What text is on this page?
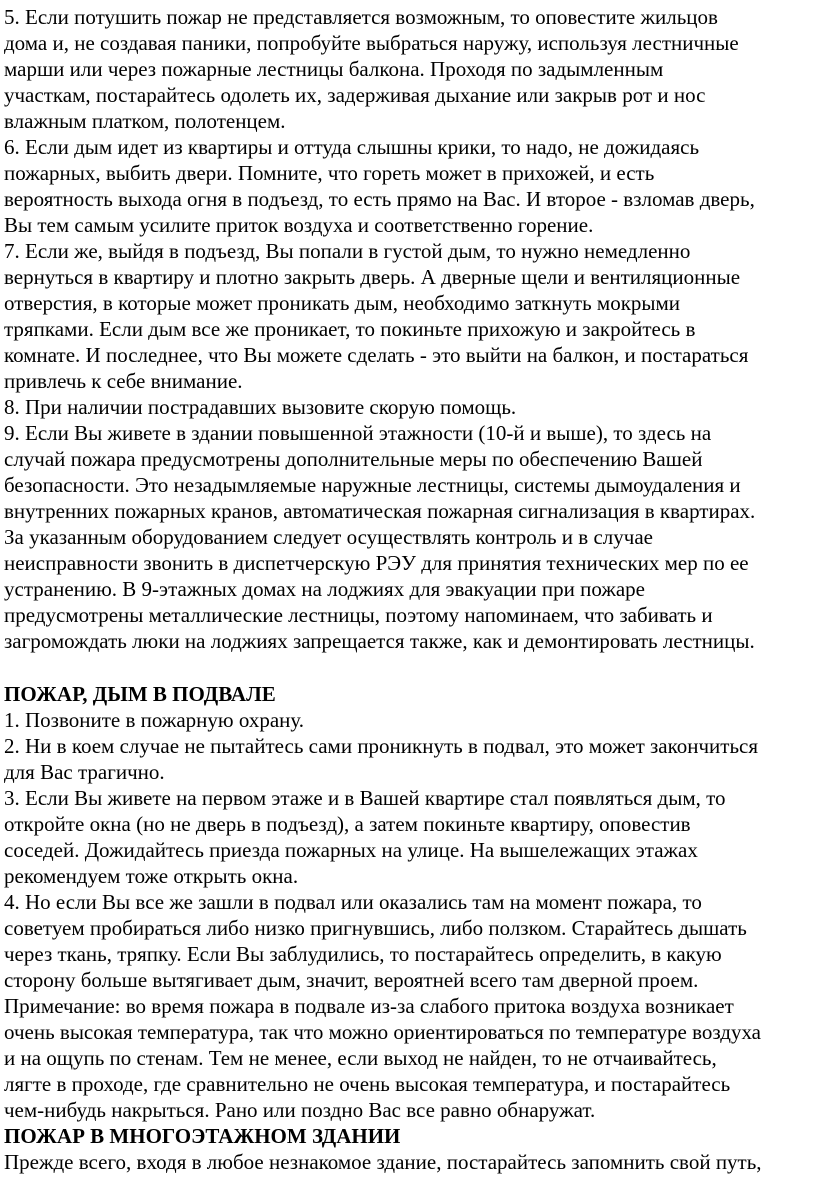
5. Если потушить пожар не представляется возможным, то оповестите жильцов
дома и, не создавая паники, попробуйте выбраться наружу, используя лестничные
марши или через пожарные лестницы балкона. Проходя по задымленным
участкам, постарайтесь одолеть их, задерживая дыхание или закрыв рот и нос
влажным платком, полотенцем.

6. Если дым идет из квартиры и оттуда слышны крики, то надо, не дожидаясь
пожарных, выбить двери. Помните, что гореть может в прихожей, и есть
вероятность выхода огня в подъезд, то есть прямо на Вас. И второе - взломав дверь,
Вы тем самым усилите приток воздуха и соответственно горение.

7. Если же, выйдя в подъезд, Вы попали в густой дым, то нужно немедленно
вернуться в квартиру и плотно закрыть дверь. А дверные щели и вентиляционные
отверстия, в которые может проникать дым, необходимо заткнуть мокрыми
тряпками. Если дым все же проникает, то покиньте прихожую и закройтесь в
комнате. И последнее, что Вы можете сделать - это выйти на балкон, и постараться
привлечь к себе внимание.

8. При наличии пострадавших вызовите скорую помощь.

9. Если Вы живете в здании повышенной этажности (10-й и выше), то здесь на
случай пожара предусмотрены дополнительные меры по обеспечению Вашей
безопасности. Это незадымляемые наружные лестницы, системы дымоудаления и
внутренних пожарных кранов, автоматическая пожарная сигнализация в квартирах.
За указанным оборудованием следует осуществлять контроль и в случае
неисправности звонить в диспетчерскую РЭУ для принятия технических мер по ее
устранению. В 9-этажных домах на лоджиях для эвакуации при пожаре
предусмотрены металлические лестницы, поэтому напоминаем, что забивать и
загромождать люки на лоджиях запрещается также, как и демонтировать лестницы.

ПОЖАР, ДЫМ В ПОДВАЛЕ

1. Позвоните в пожарную охрану.

2. Ни в коем случае не пытайтесь сами проникнуть в подвал, это может закончиться
для Вас трагично.

3. Если Вы живете на первом этаже и в Вашей квартире стал появляться дым, то
откройте окна (но не дверь в подъезд), а затем покиньте квартиру, оповестив
соседей. Дожидайтесь приезда пожарных на улице. На вышележащих этажах
рекомендуем тоже открыть окна.

4. Но если Вы все же зашли в подвал или оказались там на момент пожара, то
советуем пробираться либо низко пригнувшись, либо ползком. Старайтесь дышать
через ткань, тряпку. Если Вы заблудились, то постарайтесь определить, в какую
сторону больше вытягивает дым, значит, вероятней всего там дверной проем.

Примечание: во время пожара в подвале из-за слабого притока воздуха возникает
очень высокая температура, так что можно ориентироваться по температуре воздуха
и на ощупь по стенам. Тем не менее, если выход не найден, то не отчаивайтесь,
лягте в проходе, где сравнительно не очень высокая температура, и постарайтесь
чем-нибудь накрыться. Рано или поздно Вас все равно обнаружат.

ПОЖАР В МНОГОЭТАЖНОМ ЗДАНИИ

Прежде всего, входя в любое незнакомое здание, постарайтесь запомнить свой путь,
